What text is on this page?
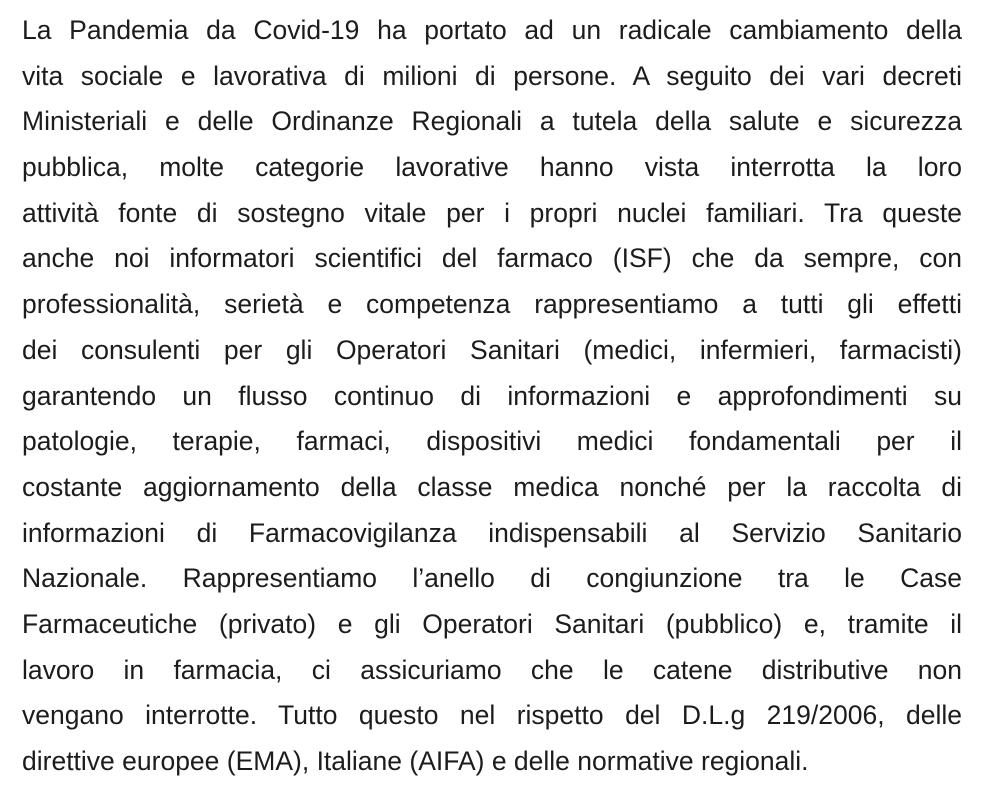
La Pandemia da Covid-19 ha portato ad un radicale cambiamento della
vita sociale e lavorativa di milioni di persone. A seguito dei vari decreti
Ministeriali e delle Ordinanze Regionali a tutela della salute e sicurezza
pubblica, molte categorie lavorative hanno vista interrotta la loro
attività fonte di sostegno vitale per i propri nuclei familiari. Tra queste
anche noi informatori scientifici del farmaco (ISF) che da sempre, con
professionalità, serietà e competenza rappresentiamo a tutti gli effetti
dei consulenti per gli Operatori Sanitari (medici, infermieri, farmacisti)
garantendo un flusso continuo di informazioni e approfondimenti su
patologie, terapie, farmaci, dispositivi medici fondamentali per il
costante aggiornamento della classe medica nonché per la raccolta di
informazioni di Farmacovigilanza indispensabili al Servizio Sanitario
Nazionale. Rappresentiamo l’anello di congiunzione tra le Case
Farmaceutiche (privato) e gli Operatori Sanitari (pubblico) e, tramite il
lavoro in farmacia, ci assicuriamo che le catene distributive non
vengano interrotte. Tutto questo nel rispetto del D.L.g 219/2006, delle
direttive europee (EMA), Italiane (AIFA) e delle normative regionali.
